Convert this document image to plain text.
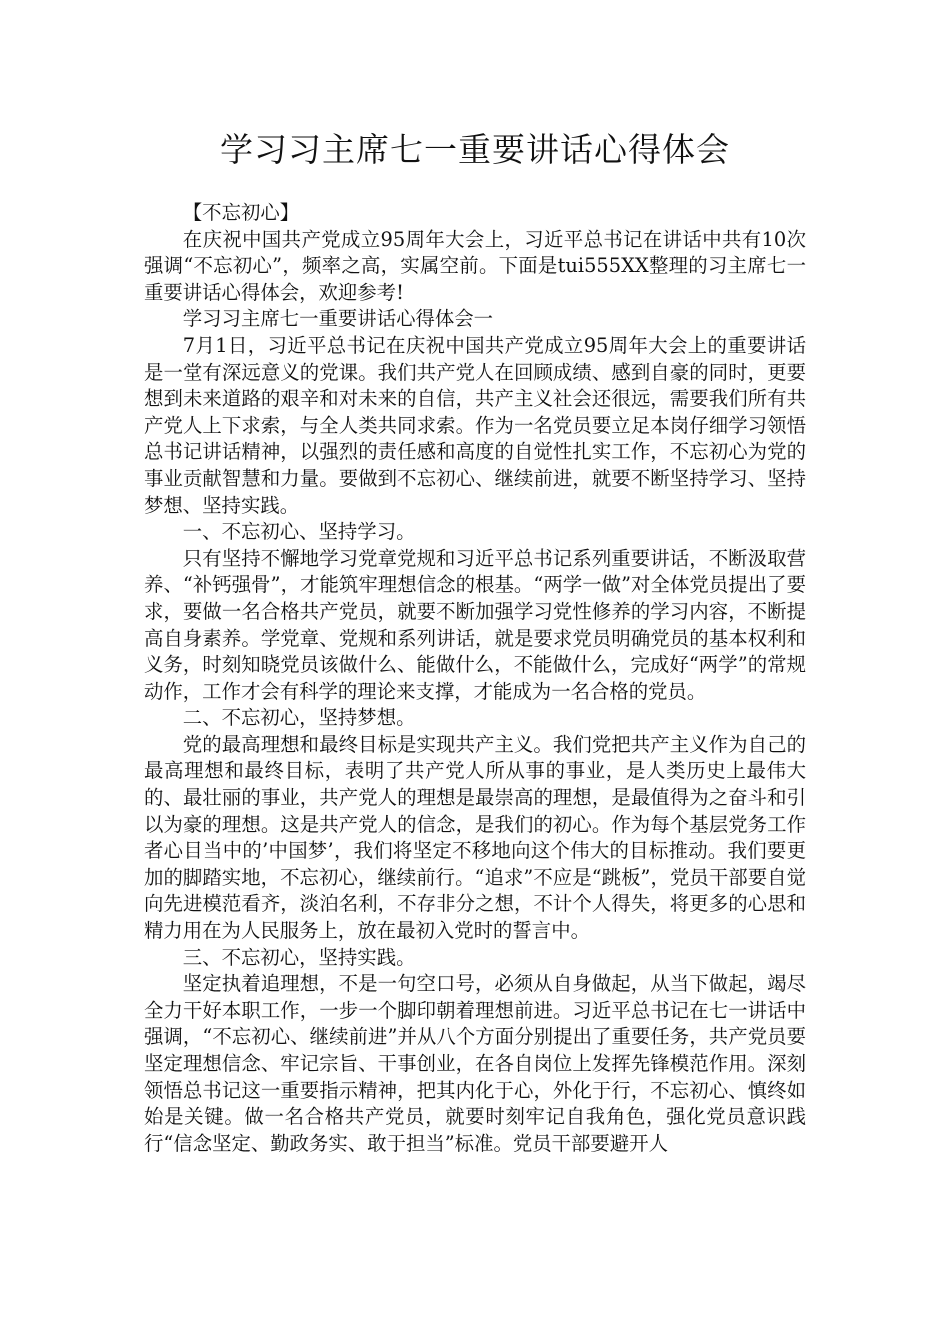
学习习主席七一重要讲话心得体会

【不忘初心】

在庆祝中国共产党成立95周年大会上，习近平总书记在讲话中共有10次强调“不忘初心”，频率之高，实属空前。下面是tui555XX整理的习主席七一重要讲话心得体会，欢迎参考!

学习习主席七一重要讲话心得体会一

7月1日，习近平总书记在庆祝中国共产党成立95周年大会上的重要讲话是一堂有深远意义的党课。我们共产党人在回顾成绩、感到自豪的同时，更要想到未来道路的艰辛和对未来的自信，共产主义社会还很远，需要我们所有共产党人上下求索，与全人类共同求索。作为一名党员要立足本岗仔细学习领悟总书记讲话精神，以强烈的责任感和高度的自觉性扎实工作，不忘初心为党的事业贡献智慧和力量。要做到不忘初心、继续前进，就要不断坚持学习、坚持梦想、坚持实践。

一、不忘初心、坚持学习。

只有坚持不懈地学习党章党规和习近平总书记系列重要讲话，不断汲取营养、“补钙强骨”，才能筑牢理想信念的根基。“两学一做”对全体党员提出了要求，要做一名合格共产党员，就要不断加强学习党性修养的学习内容，不断提高自身素养。学党章、党规和系列讲话，就是要求党员明确党员的基本权利和义务，时刻知晓党员该做什么、能做什么，不能做什么，完成好“两学”的常规动作，工作才会有科学的理论来支撑，才能成为一名合格的党员。

二、不忘初心，坚持梦想。

党的最高理想和最终目标是实现共产主义。我们党把共产主义作为自己的最高理想和最终目标，表明了共产党人所从事的事业，是人类历史上最伟大的、最壮丽的事业，共产党人的理想是最崇高的理想，是最值得为之奋斗和引以为豪的理想。这是共产党人的信念，是我们的初心。作为每个基层党务工作者心目当中的’中国梦’，我们将坚定不移地向这个伟大的目标推动。我们要更加的脚踏实地，不忘初心，继续前行。“追求”不应是“跳板”，党员干部要自觉向先进模范看齐，淡泊名利，不存非分之想，不计个人得失，将更多的心思和精力用在为人民服务上，放在最初入党时的誓言中。

三、不忘初心，坚持实践。

坚定执着追理想，不是一句空口号，必须从自身做起，从当下做起，竭尽全力干好本职工作，一步一个脚印朝着理想前进。习近平总书记在七一讲话中强调，“不忘初心、继续前进”并从八个方面分别提出了重要任务，共产党员要坚定理想信念、牢记宗旨、干事创业，在各自岗位上发挥先锋模范作用。深刻领悟总书记这一重要指示精神，把其内化于心，外化于行，不忘初心、慎终如始是关键。做一名合格共产党员，就要时刻牢记自我角色，强化党员意识践行“信念坚定、勤政务实、敢于担当”标准。党员干部要避开人
